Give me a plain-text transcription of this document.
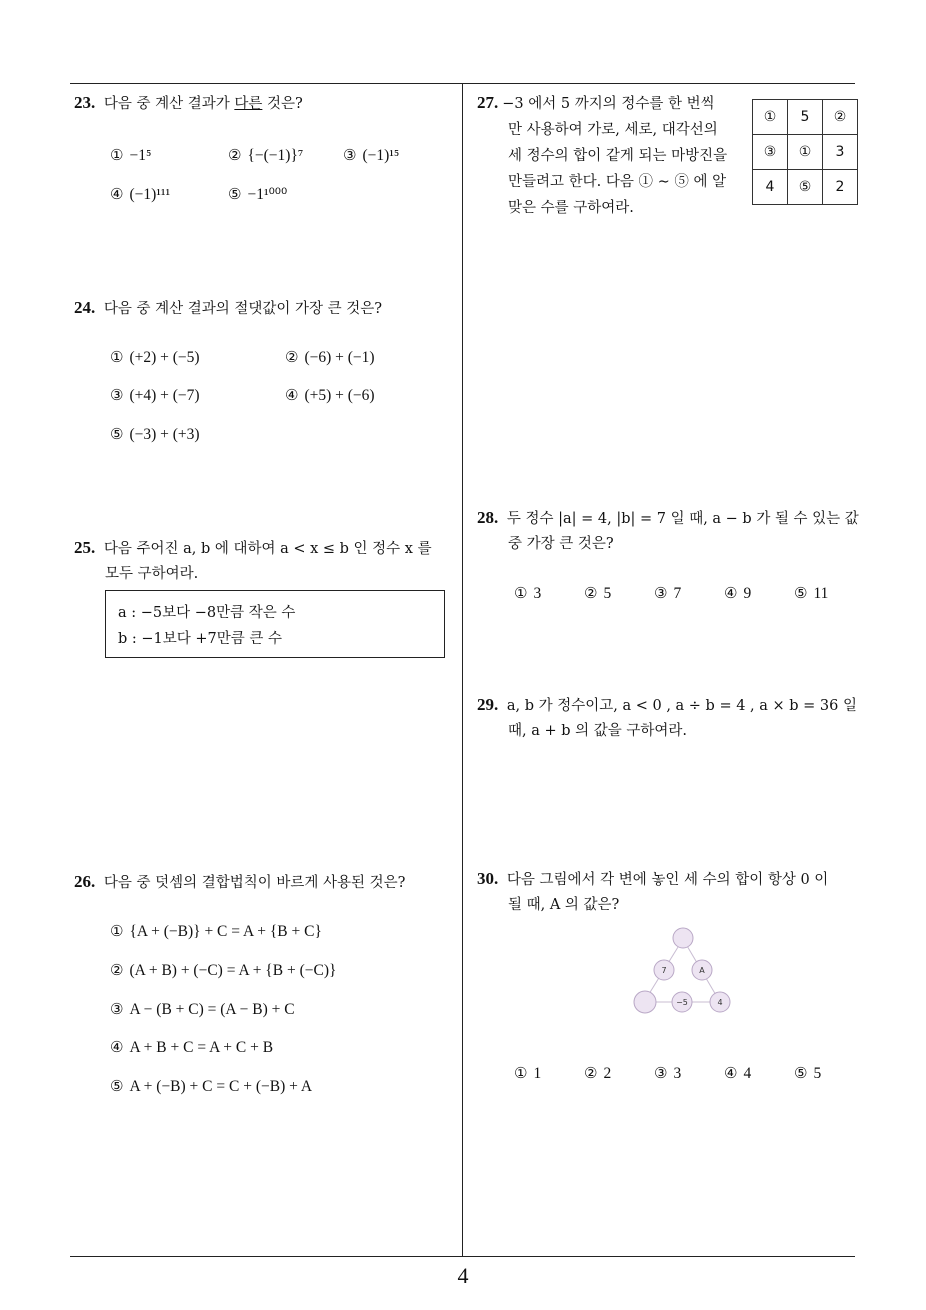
23. 다음 중 계산 결과가 다른 것은?
① −1⁵	② {−(−1)}⁷	③ (−1)¹⁵
④ (−1)¹¹¹	⑤ −1¹⁰⁰⁰
24. 다음 중 계산 결과의 절댓값이 가장 큰 것은?
① (+2) + (−5)	② (−6) + (−1)
③ (+4) + (−7)	④ (+5) + (−6)
⑤ (−3) + (+3)
25. 다음 주어진 a, b 에 대하여 a < x ≤ b 인 정수 x 를
모두 구하여라.
a : −5보다 −8만큼 작은 수
b : −1보다 +7만큼 큰 수
26. 다음 중 덧셈의 결합법칙이 바르게 사용된 것은?
① {A + (−B)} + C = A + {B + C}
② (A + B) + (−C) = A + {B + (−C)}
③ A − (B + C) = (A − B) + C
④ A + B + C = A + C + B
⑤ A + (−B) + C = C + (−B) + A
27. −3 에서 5 까지의 정수를 한 번씩
만 사용하여 가로, 세로, 대각선의
세 정수의 합이 같게 되는 마방진을
만들려고 한다. 다음 ① ∼ ⑤ 에 알
맞은 수를 구하여라.
①	5	②
③	①	3
4	⑤	2
28. 두 정수 |a| = 4, |b| = 7 일 때, a − b 가 될 수 있는 값
중 가장 큰 것은?
① 3	② 5	③ 7	④ 9	⑤ 11
29. a, b 가 정수이고, a < 0 , a ÷ b = 4 , a × b = 36 일
때, a + b 의 값을 구하여라.
30. 다음 그림에서 각 변에 놓인 세 수의 합이 항상 0 이
될 때, A 의 값은?
7	A
−5	4
① 1	② 2	③ 3	④ 4	⑤ 5
4
